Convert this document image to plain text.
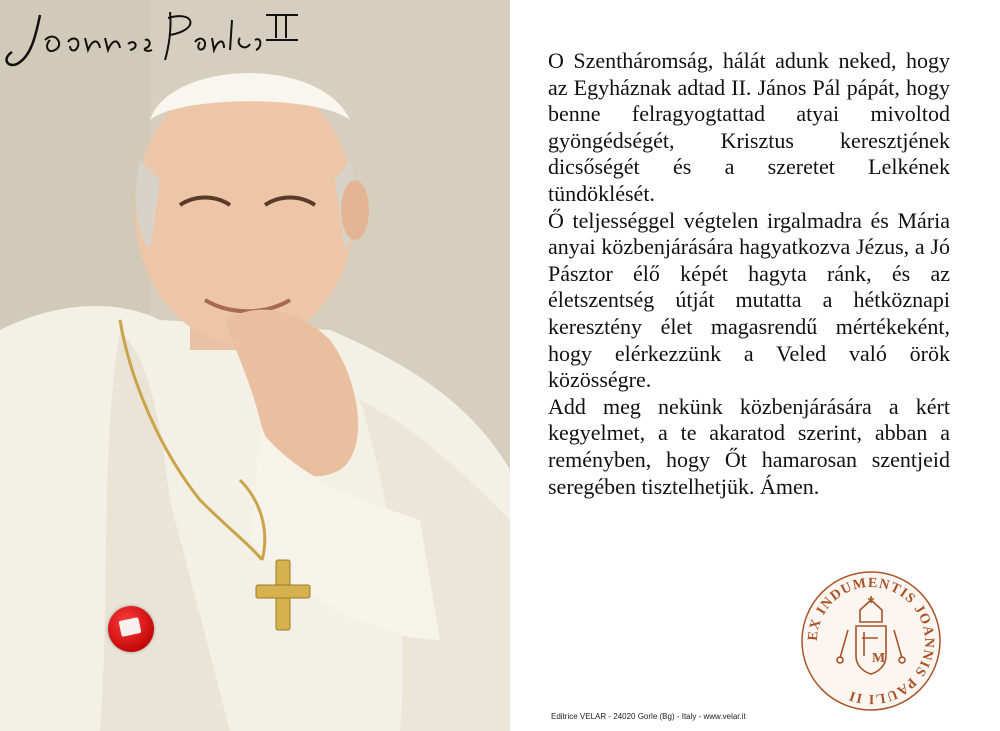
O Szentháromság, hálát adunk neked, hogy az Egyháznak adtad II. János Pál pápát, hogy benne felragyogtattad atyai mivoltod gyöngédségét, Krisztus keresztjének dicsőségét és a szeretet Lelkének tündöklését.

Ő teljességgel végtelen irgalmadra és Mária anyai közbenjárására hagyatkozva Jézus, a Jó Pásztor élő képét hagyta ránk, és az életszentség útját mutatta a hétköznapi keresztény élet magasrendű mértékeként, hogy elérkezzünk a Veled való örök közösségre.

Add meg nekünk közbenjárására a kért kegyelmet, a te akaratod szerint, abban a reményben, hogy Őt hamarosan szentjeid seregében tisztelhetjük. Ámen.

EX INDUMENTIS JOANNIS PAULI II
M
Editrice VELAR - 24020 Gorle (Bg) - Italy - www.velar.it
